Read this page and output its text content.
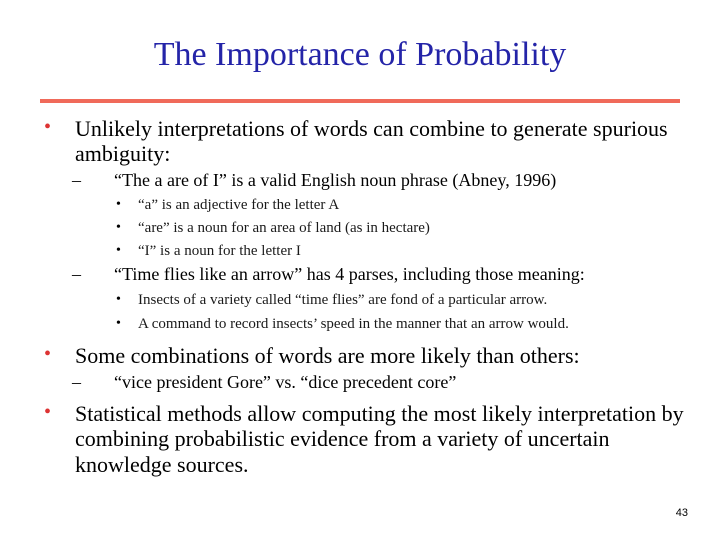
The Importance of Probability
• Unlikely interpretations of words can combine to generate spurious ambiguity:
– “The a are of I” is a valid English noun phrase (Abney, 1996)
• “a” is an adjective for the letter A
• “are” is a noun for an area of land (as in hectare)
• “I” is a noun for the letter I
– “Time flies like an arrow” has 4 parses, including those meaning:
• Insects of a variety called “time flies” are fond of a particular arrow.
• A command to record insects’ speed in the manner that an arrow would.
• Some combinations of words are more likely than others:
– “vice president Gore” vs. “dice precedent core”
• Statistical methods allow computing the most likely interpretation by combining probabilistic evidence from a variety of uncertain knowledge sources.
43
